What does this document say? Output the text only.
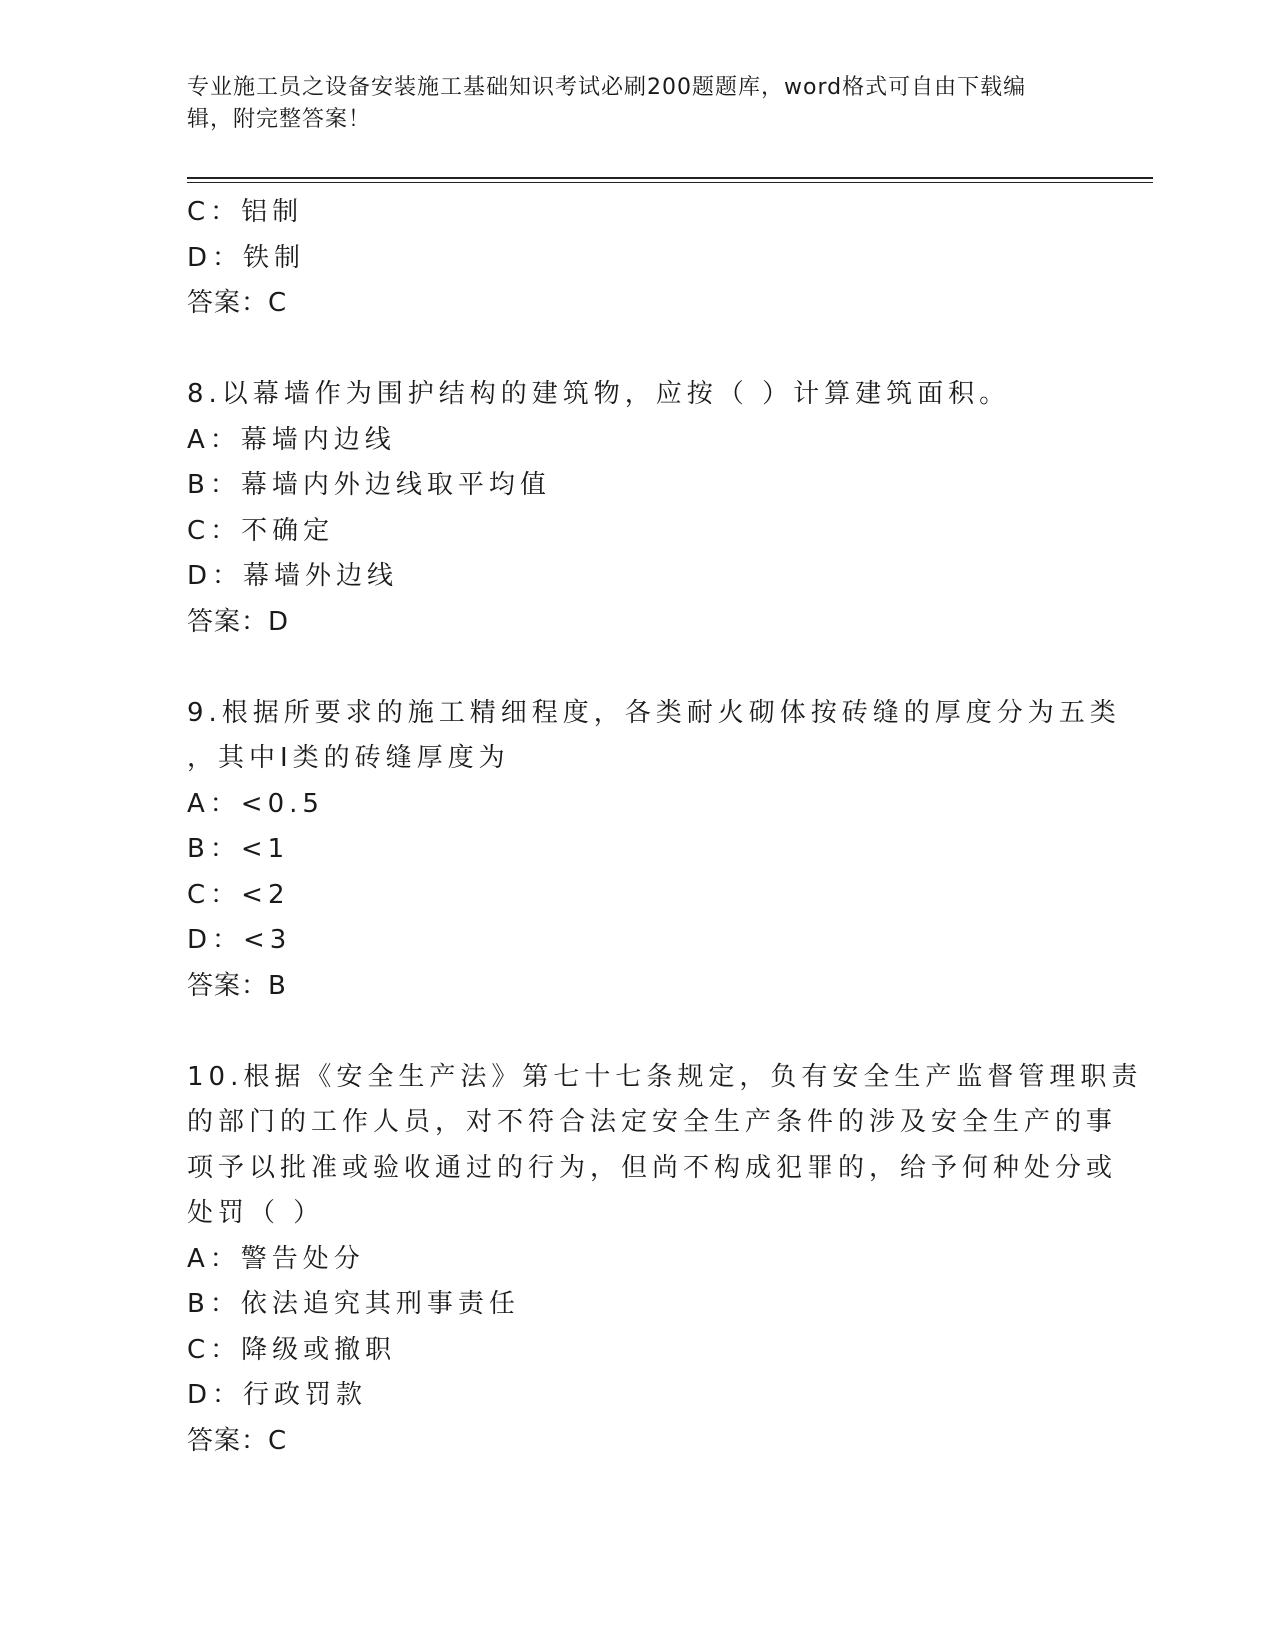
专业施工员之设备安装施工基础知识考试必刷200题题库，word格式可自由下载编辑，附完整答案！
C：铝制
D：铁制
答案：C
8.以幕墙作为围护结构的建筑物，应按（ ）计算建筑面积。
A：幕墙内边线
B：幕墙内外边线取平均值
C：不确定
D：幕墙外边线
答案：D
9.根据所要求的施工精细程度，各类耐火砌体按砖缝的厚度分为五类
，其中Ⅰ类的砖缝厚度为
A：<0.5
B：<1
C：<2
D：<3
答案：B
10.根据《安全生产法》第七十七条规定，负有安全生产监督管理职责
的部门的工作人员，对不符合法定安全生产条件的涉及安全生产的事
项予以批准或验收通过的行为，但尚不构成犯罪的，给予何种处分或
处罚（ ）
A：警告处分
B：依法追究其刑事责任
C：降级或撤职
D：行政罚款
答案：C
